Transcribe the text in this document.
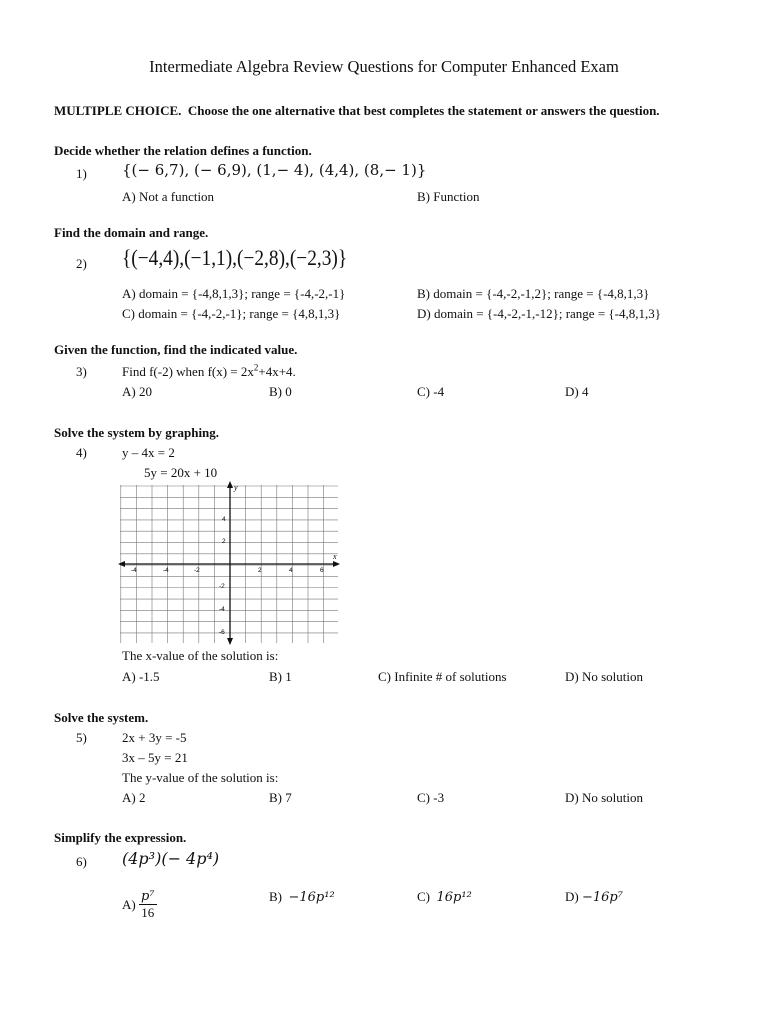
Intermediate Algebra Review Questions for Computer Enhanced Exam
MULTIPLE CHOICE. Choose the one alternative that best completes the statement or answers the question.
Decide whether the relation defines a function.
1) {(− 6,7), (− 6,9), (1,− 4), (4,4), (8,− 1)}
A) Not a function	B) Function
Find the domain and range.
2) {(−4,4),(−1,1),(−2,8),(−2,3)}
A) domain = {-4,8,1,3}; range = {-4,-2,-1}	B) domain = {-4,-2,-1,2}; range = {-4,8,1,3}
C) domain = {-4,-2,-1}; range = {4,8,1,3}	D) domain = {-4,-2,-1,-12}; range = {-4,8,1,3}
Given the function, find the indicated value.
3)	Find f(-2) when $f(x) = 2x^2+4x+4$.
A) 20	B) 0	C) -4	D) 4
Solve the system by graphing.
4)	y – 4x = 2
5y = 20x + 10
x
y
-4	-4	-2	2	4	6
4
2
-2
-4
-6
The x-value of the solution is:
A) -1.5	B) 1	C) Infinite # of solutions	D) No solution
Solve the system.
5)	2x + 3y = -5
3x – 5y = 21
The y-value of the solution is:
A) 2	B) 7	C) -3	D) No solution
Simplify the expression.
6) (4p³)(− 4p⁴)
$A) \frac{\text{p⁷}}{16}$	B) −16p¹²	C) 16p¹²	D) −16p⁷
